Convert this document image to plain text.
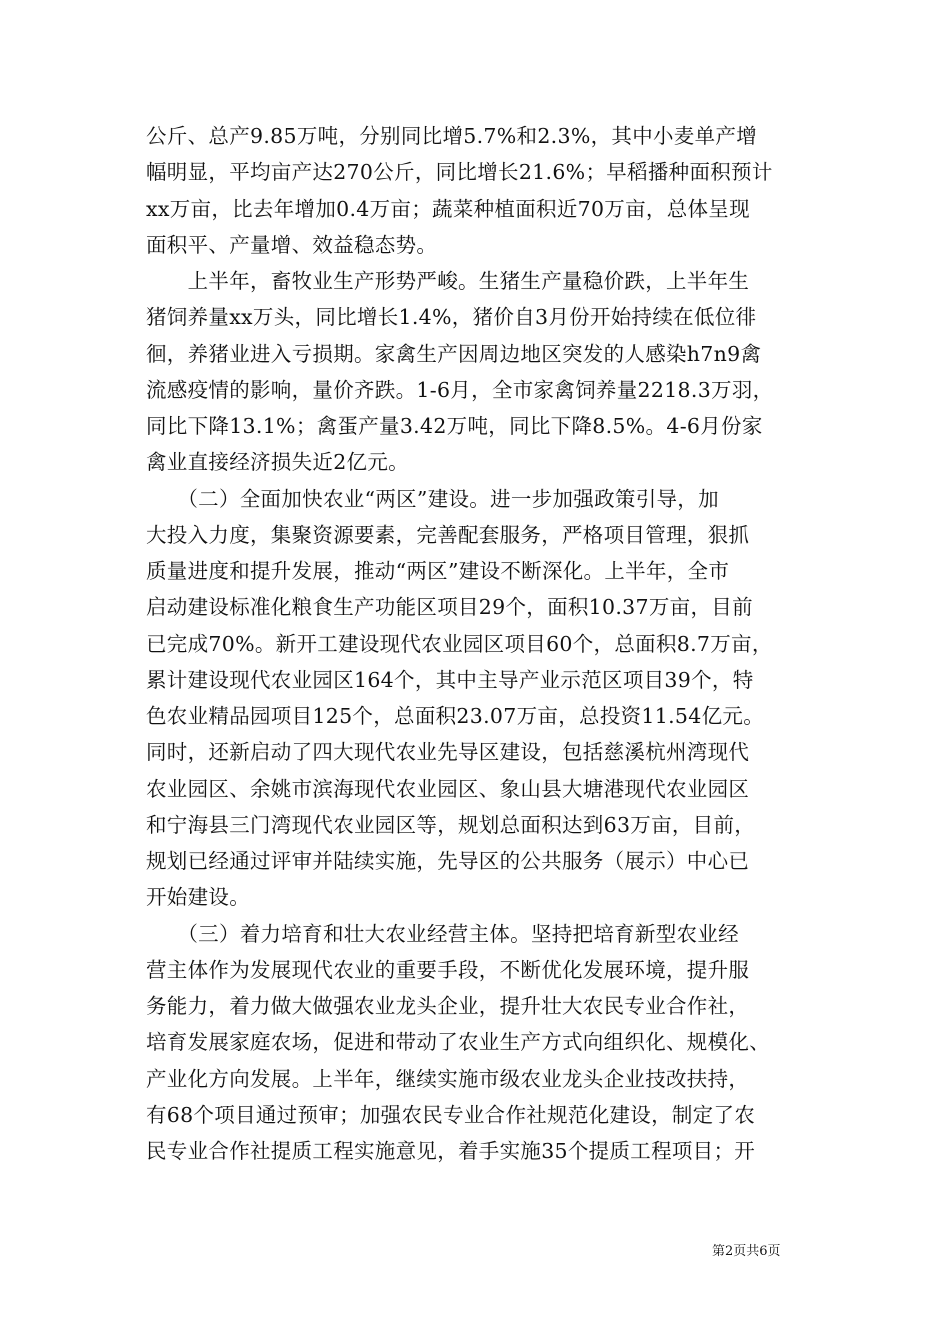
公斤、总产9.85万吨，分别同比增5.7%和2.3%，其中小麦单产增
幅明显，平均亩产达270公斤，同比增长21.6%；早稻播种面积预计
xx万亩，比去年增加0.4万亩；蔬菜种植面积近70万亩，总体呈现
面积平、产量增、效益稳态势。
　　上半年，畜牧业生产形势严峻。生猪生产量稳价跌，上半年生
猪饲养量xx万头，同比增长1.4%，猪价自3月份开始持续在低位徘
徊，养猪业进入亏损期。家禽生产因周边地区突发的人感染h7n9禽
流感疫情的影响，量价齐跌。1-6月，全市家禽饲养量2218.3万羽，
同比下降13.1%；禽蛋产量3.42万吨，同比下降8.5%。4-6月份家
禽业直接经济损失近2亿元。
　　（二）全面加快农业“两区”建设。进一步加强政策引导，加
大投入力度，集聚资源要素，完善配套服务，严格项目管理，狠抓
质量进度和提升发展，推动“两区”建设不断深化。上半年，全市
启动建设标准化粮食生产功能区项目29个，面积10.37万亩，目前
已完成70%。新开工建设现代农业园区项目60个，总面积8.7万亩，
累计建设现代农业园区164个，其中主导产业示范区项目39个，特
色农业精品园项目125个，总面积23.07万亩，总投资11.54亿元。
同时，还新启动了四大现代农业先导区建设，包括慈溪杭州湾现代
农业园区、余姚市滨海现代农业园区、象山县大塘港现代农业园区
和宁海县三门湾现代农业园区等，规划总面积达到63万亩，目前，
规划已经通过评审并陆续实施，先导区的公共服务（展示）中心已
开始建设。
　　（三）着力培育和壮大农业经营主体。坚持把培育新型农业经
营主体作为发展现代农业的重要手段，不断优化发展环境，提升服
务能力，着力做大做强农业龙头企业，提升壮大农民专业合作社，
培育发展家庭农场，促进和带动了农业生产方式向组织化、规模化、
产业化方向发展。上半年，继续实施市级农业龙头企业技改扶持，
有68个项目通过预审；加强农民专业合作社规范化建设，制定了农
民专业合作社提质工程实施意见，着手实施35个提质工程项目；开
第2页共6页
